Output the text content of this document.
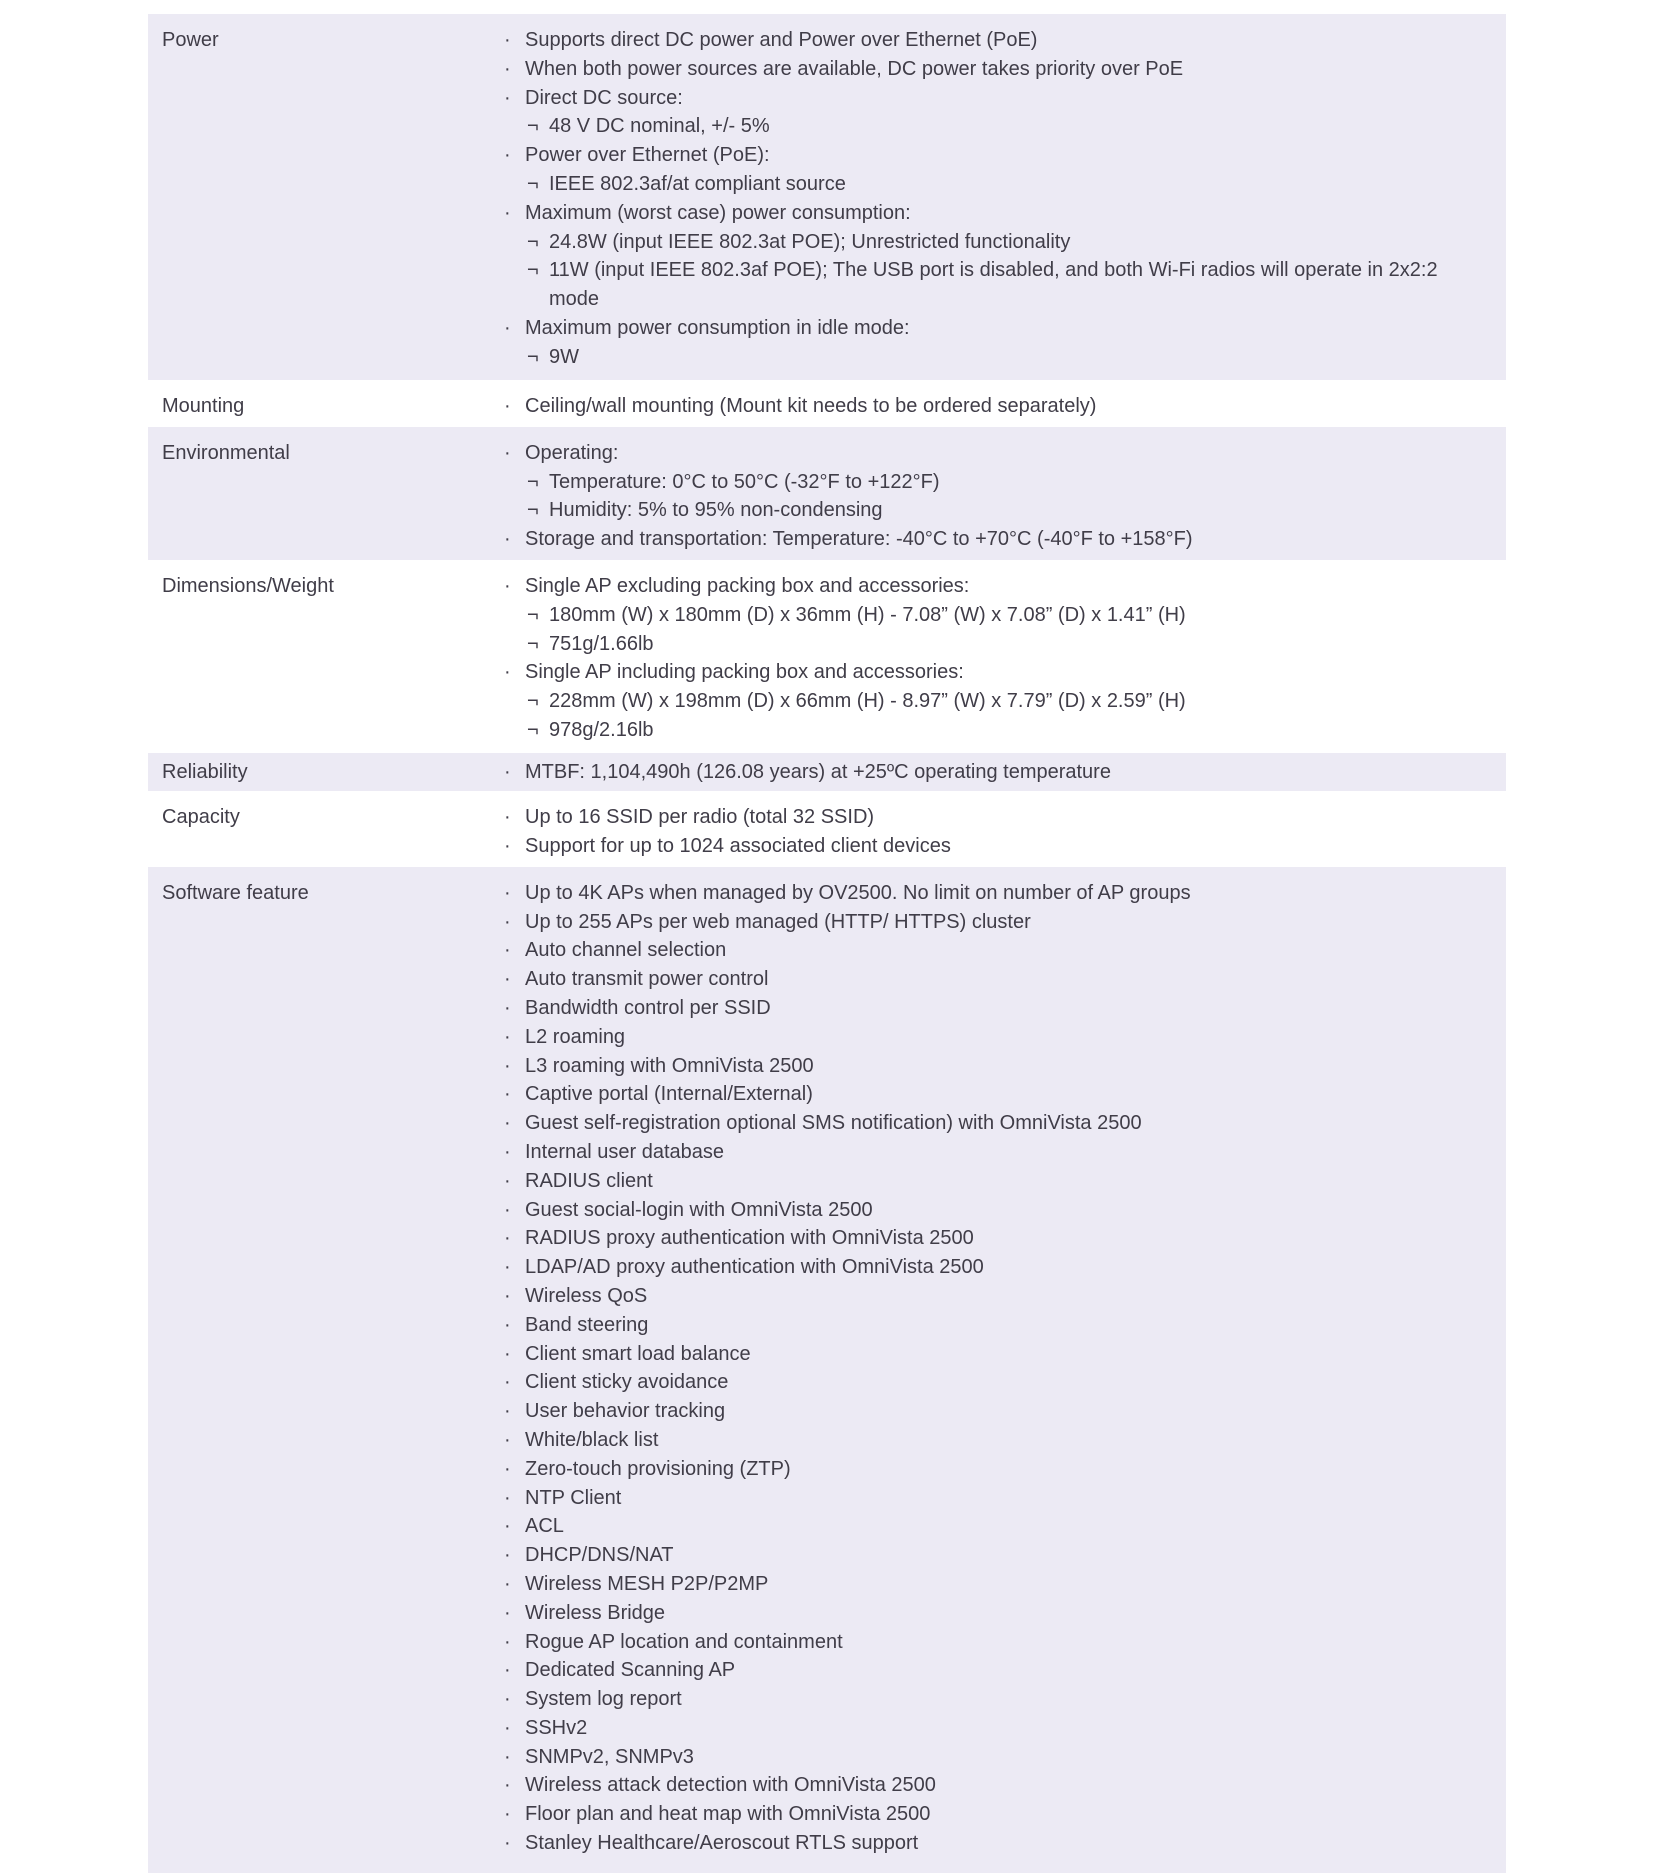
Power	· Supports direct DC power and Power over Ethernet (PoE)
· When both power sources are available, DC power takes priority over PoE
· Direct DC source:
¬ 48 V DC nominal, +/- 5%
· Power over Ethernet (PoE):
¬ IEEE 802.3af/at compliant source
· Maximum (worst case) power consumption:
¬ 24.8W (input IEEE 802.3at POE); Unrestricted functionality
¬ 11W (input IEEE 802.3af POE); The USB port is disabled, and both Wi-Fi radios will operate in 2x2:2 mode
· Maximum power consumption in idle mode:
¬ 9W
Mounting	· Ceiling/wall mounting (Mount kit needs to be ordered separately)
Environmental	· Operating:
¬ Temperature: 0°C to 50°C (-32°F to +122°F)
¬ Humidity: 5% to 95% non-condensing
· Storage and transportation: Temperature: -40°C to +70°C (-40°F to +158°F)
Dimensions/Weight	· Single AP excluding packing box and accessories:
¬ 180mm (W) x 180mm (D) x 36mm (H) - 7.08” (W) x 7.08” (D) x 1.41” (H)
¬ 751g/1.66lb
· Single AP including packing box and accessories:
¬ 228mm (W) x 198mm (D) x 66mm (H) - 8.97” (W) x 7.79” (D) x 2.59” (H)
¬ 978g/2.16lb
Reliability	· MTBF: 1,104,490h (126.08 years) at +25ºC operating temperature
Capacity	· Up to 16 SSID per radio (total 32 SSID)
· Support for up to 1024 associated client devices
Software feature	· Up to 4K APs when managed by OV2500. No limit on number of AP groups
· Up to 255 APs per web managed (HTTP/ HTTPS) cluster
· Auto channel selection
· Auto transmit power control
· Bandwidth control per SSID
· L2 roaming
· L3 roaming with OmniVista 2500
· Captive portal (Internal/External)
· Guest self-registration optional SMS notification) with OmniVista 2500
· Internal user database
· RADIUS client
· Guest social-login with OmniVista 2500
· RADIUS proxy authentication with OmniVista 2500
· LDAP/AD proxy authentication with OmniVista 2500
· Wireless QoS
· Band steering
· Client smart load balance
· Client sticky avoidance
· User behavior tracking
· White/black list
· Zero-touch provisioning (ZTP)
· NTP Client
· ACL
· DHCP/DNS/NAT
· Wireless MESH P2P/P2MP
· Wireless Bridge
· Rogue AP location and containment
· Dedicated Scanning AP
· System log report
· SSHv2
· SNMPv2, SNMPv3
· Wireless attack detection with OmniVista 2500
· Floor plan and heat map with OmniVista 2500
· Stanley Healthcare/Aeroscout RTLS support
